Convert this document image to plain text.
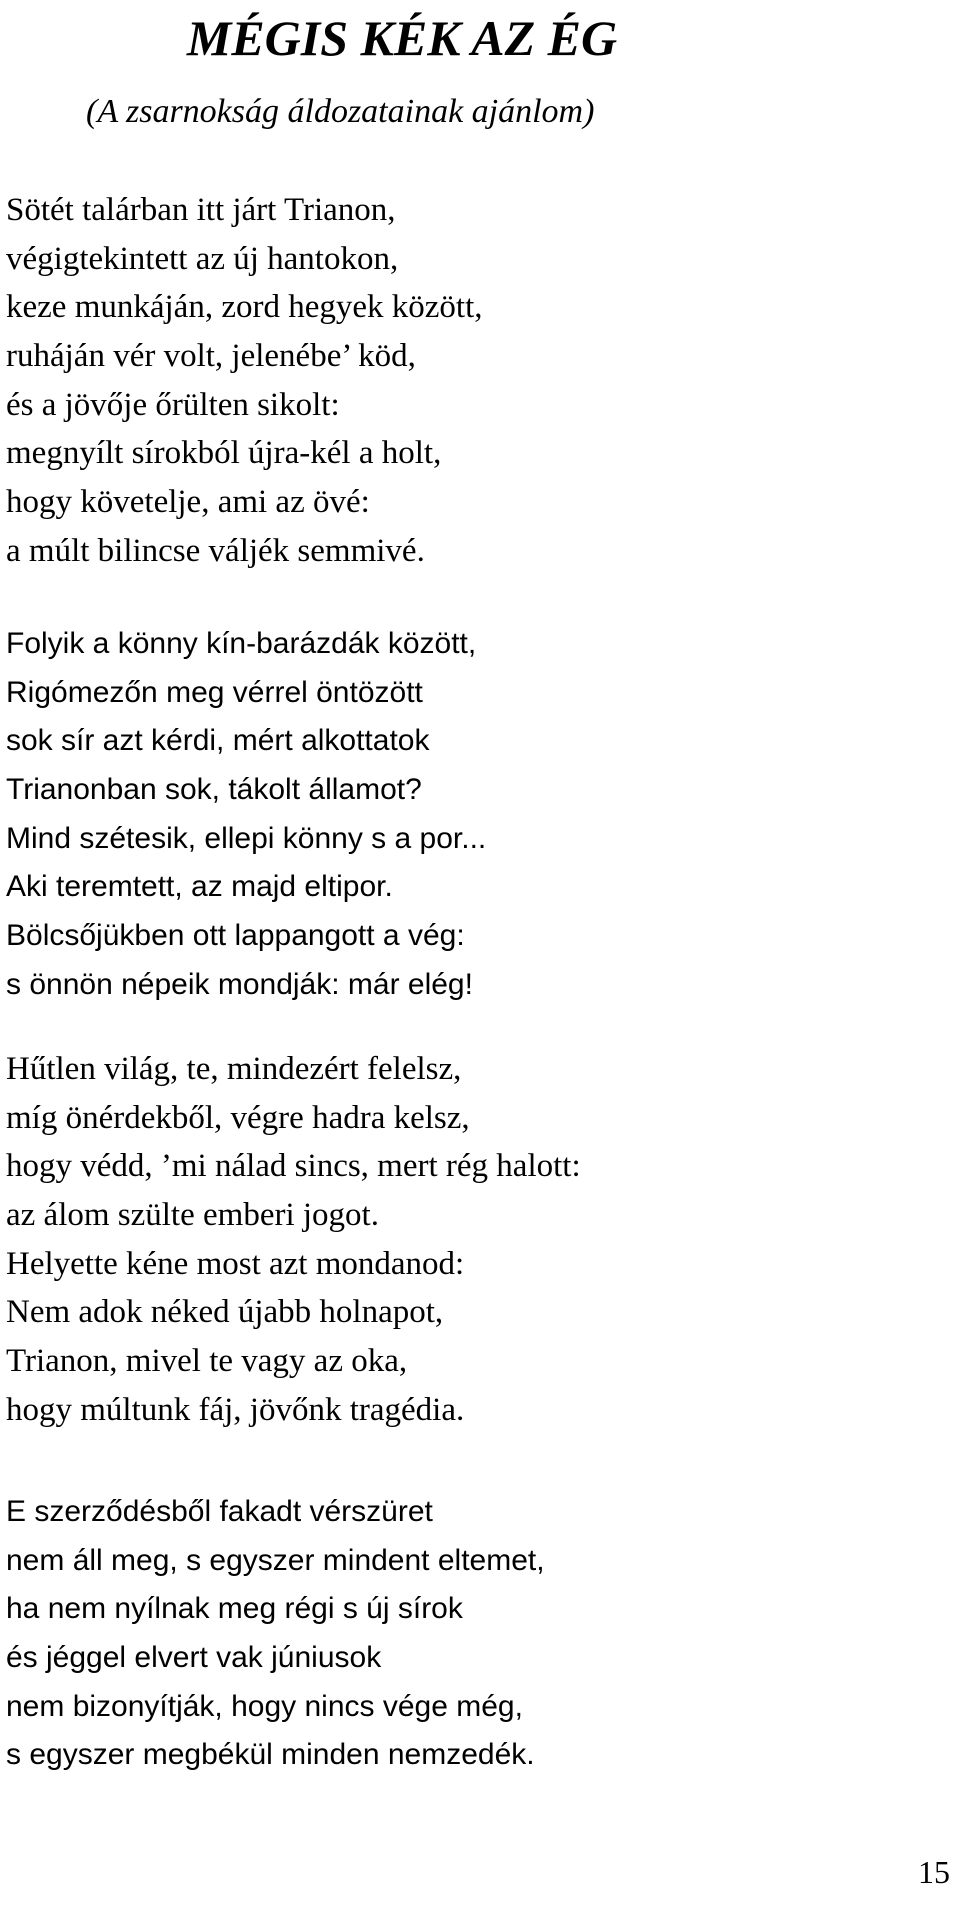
MÉGIS KÉK AZ ÉG
(A zsarnokság áldozatainak ajánlom)
Sötét talárban itt járt Trianon,
végigtekintett az új hantokon,
keze munkáján, zord hegyek között,
ruháján vér volt, jelenébe’ köd,
és a jövője őrülten sikolt:
megnyílt sírokból újra-kél a holt,
hogy követelje, ami az övé:
a múlt bilincse váljék semmivé.
Folyik a könny kín-barázdák között,
Rigómezőn meg vérrel öntözött
sok sír azt kérdi, mért alkottatok
Trianonban sok, tákolt államot?
Mind szétesik, ellepi könny s a por...
Aki teremtett, az majd eltipor.
Bölcsőjükben ott lappangott a vég:
s önnön népeik mondják: már elég!
Hűtlen világ, te, mindezért felelsz,
míg önérdekből, végre hadra kelsz,
hogy védd, ’mi nálad sincs, mert rég halott:
az álom szülte emberi jogot.
Helyette kéne most azt mondanod:
Nem adok néked újabb holnapot,
Trianon, mivel te vagy az oka,
hogy múltunk fáj, jövőnk tragédia.
E szerződésből fakadt vérszüret
nem áll meg, s egyszer mindent eltemet,
ha nem nyílnak meg régi s új sírok
és jéggel elvert vak júniusok
nem bizonyítják, hogy nincs vége még,
s egyszer megbékül minden nemzedék.
15
